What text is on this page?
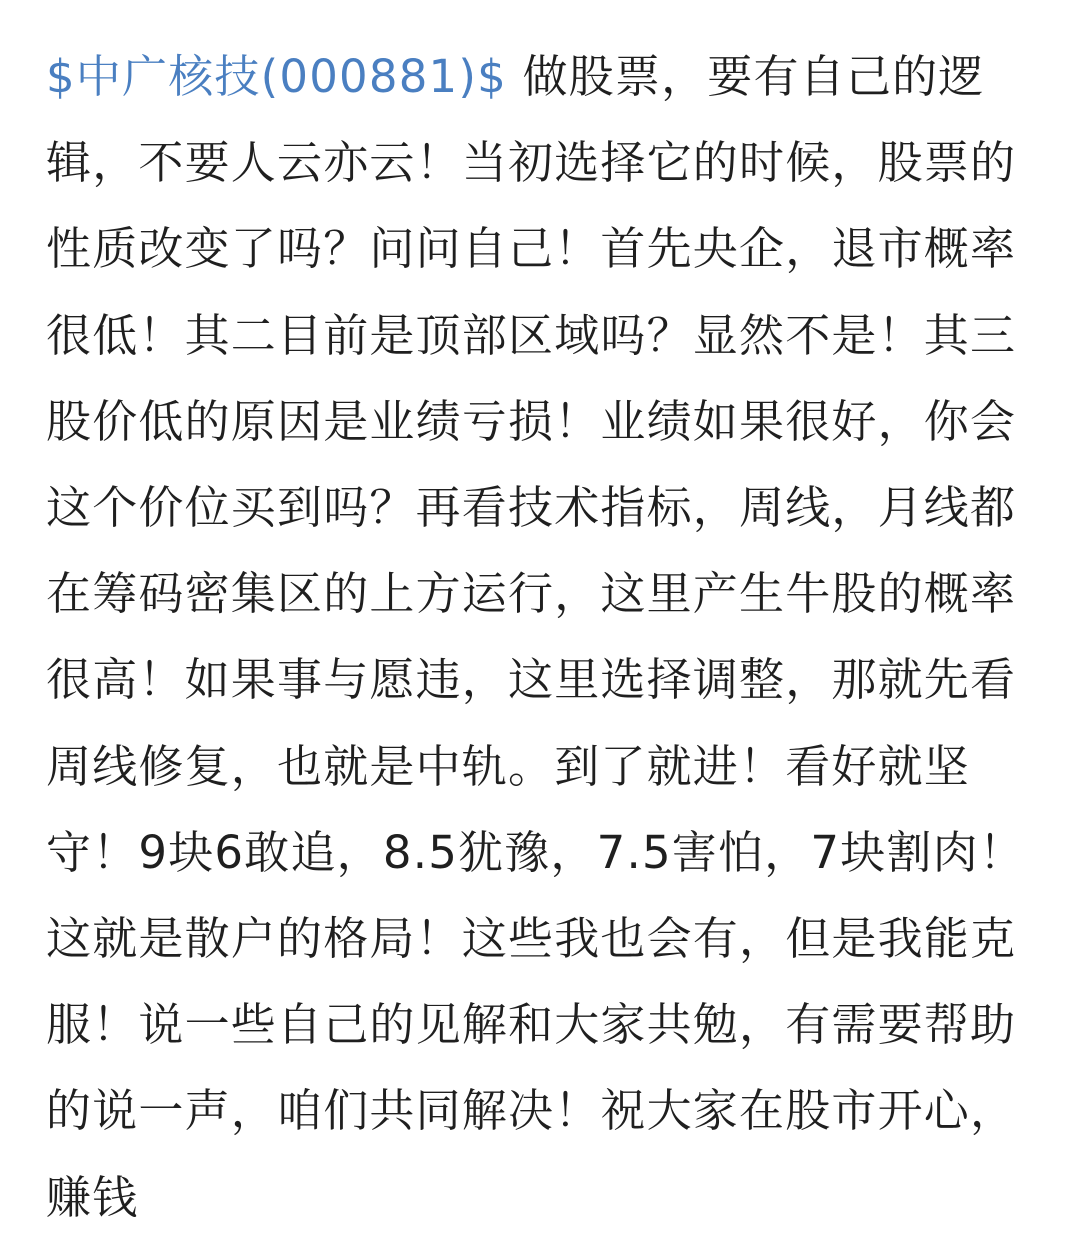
$中广核技(000881)$ 做股票，要有自己的逻辑，不要人云亦云！当初选择它的时候，股票的性质改变了吗？问问自己！首先央企，退市概率很低！其二目前是顶部区域吗？显然不是！其三股价低的原因是业绩亏损！业绩如果很好，你会这个价位买到吗？再看技术指标，周线，月线都在筹码密集区的上方运行，这里产生牛股的概率很高！如果事与愿违，这里选择调整，那就先看周线修复，也就是中轨。到了就进！看好就坚守！9块6敢追，8.5犹豫，7.5害怕，7块割肉！这就是散户的格局！这些我也会有，但是我能克服！说一些自己的见解和大家共勉，有需要帮助的说一声，咱们共同解决！祝大家在股市开心，赚钱
